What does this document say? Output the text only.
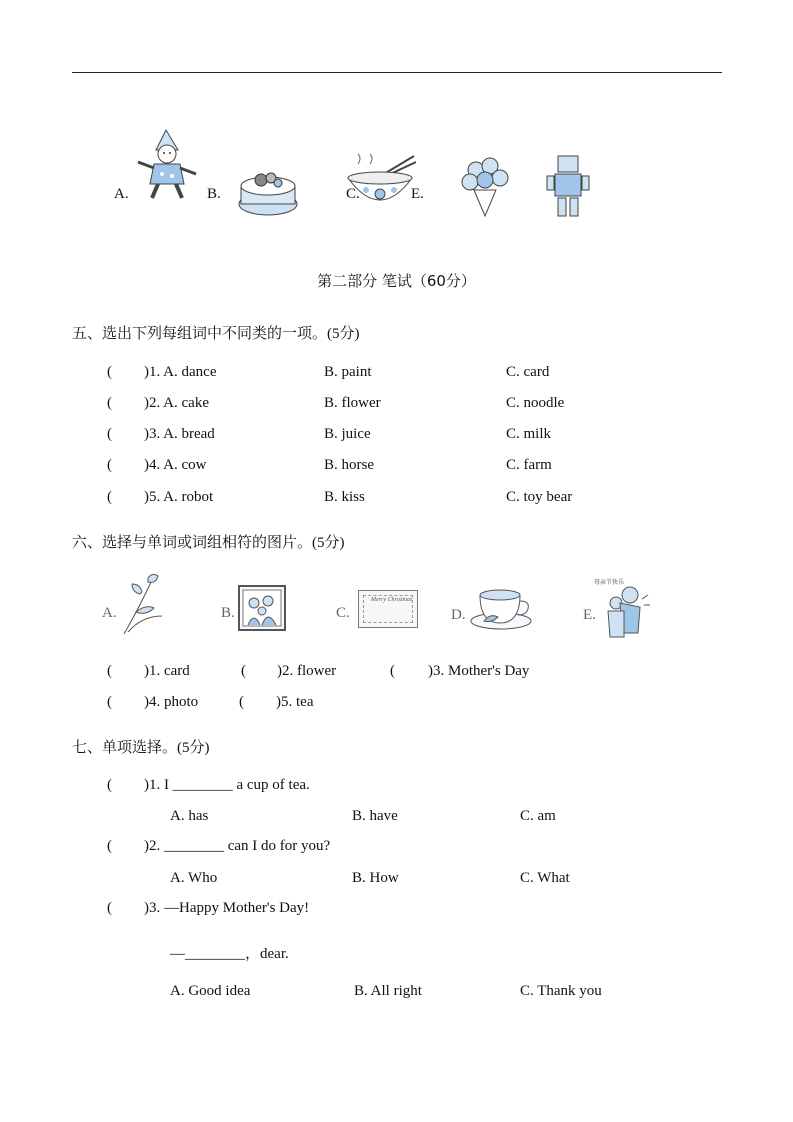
A.	B.	C.	E.
第二部分 笔试（60分）
五、选出下列每组词中不同类的一项。(5分)
( )1. A. dance	B. paint	C. card
( )2. A. cake	B. flower	C. noodle
( )3. A. bread	B. juice	C. milk
( )4. A. cow	B. horse	C. farm
( )5. A. robot	B. kiss	C. toy bear
六、选择与单词或词组相符的图片。(5分)
A.	B.	C.
Merry Christmas
D.	E.
母亲节快乐
( )1. card	( )2. flower	( )3. Mother's Day
( )4. photo	( )5. tea
七、单项选择。(5分)
( )1. I ________ a cup of tea.
A. has	B. have	C. am
( )2. ________ can I do for you?
A. Who	B. How	C. What
( )3. —Happy Mother's Day!
—________，dear.
A. Good idea	B. All right	C. Thank you
